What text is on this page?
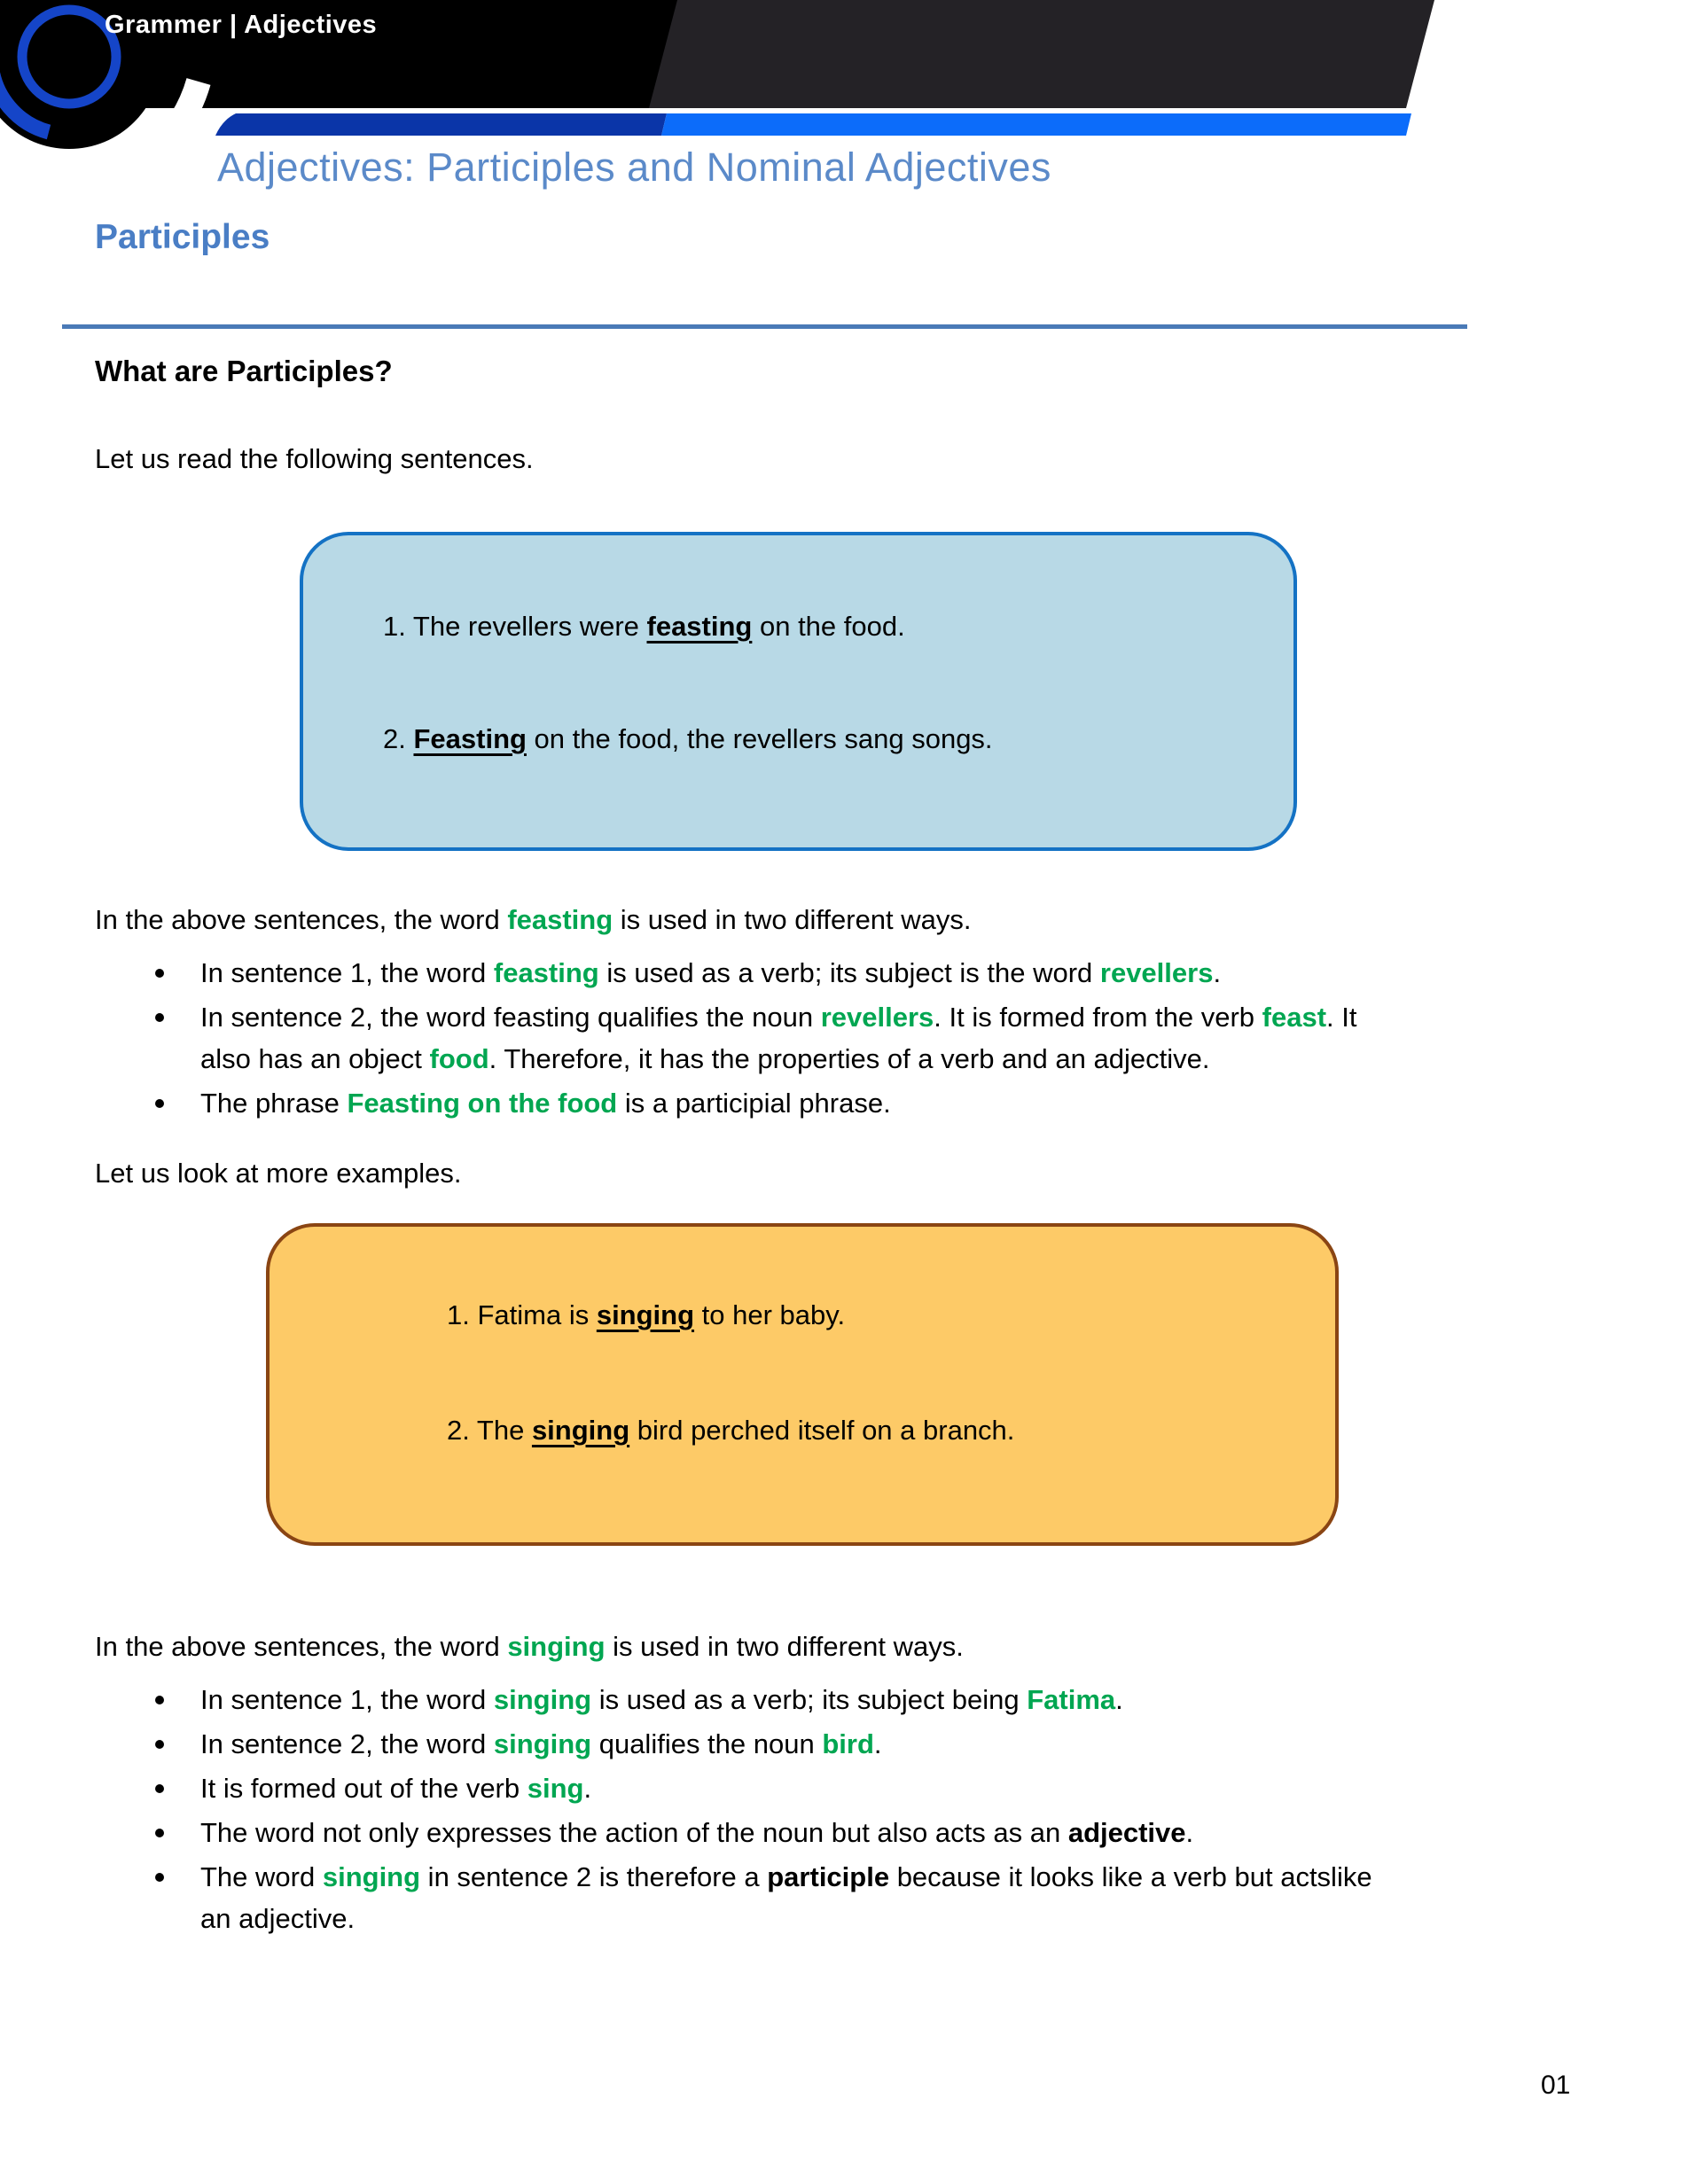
Grammer | Adjectives
Adjectives: Participles and Nominal Adjectives
Participles
What are Participles?
Let us read the following sentences.
1. The revellers were feasting on the food.
2. Feasting on the food, the revellers sang songs.

In the above sentences, the word feasting is used in two different ways.

In sentence 1, the word feasting is used as a verb; its subject is the word revellers.
In sentence 2, the word feasting qualifies the noun revellers. It is formed from the verb feast. It
also has an object food. Therefore, it has the properties of a verb and an adjective.
The phrase Feasting on the food is a participial phrase.

Let us look at more examples.

1. Fatima is singing to her baby.
2. The singing bird perched itself on a branch.

In the above sentences, the word singing is used in two different ways.

In sentence 1, the word singing is used as a verb; its subject being Fatima.
In sentence 2, the word singing qualifies the noun bird.
It is formed out of the verb sing.
The word not only expresses the action of the noun but also acts as an adjective.
The word singing in sentence 2 is therefore a participle because it looks like a verb but actslike
an adjective.
01
